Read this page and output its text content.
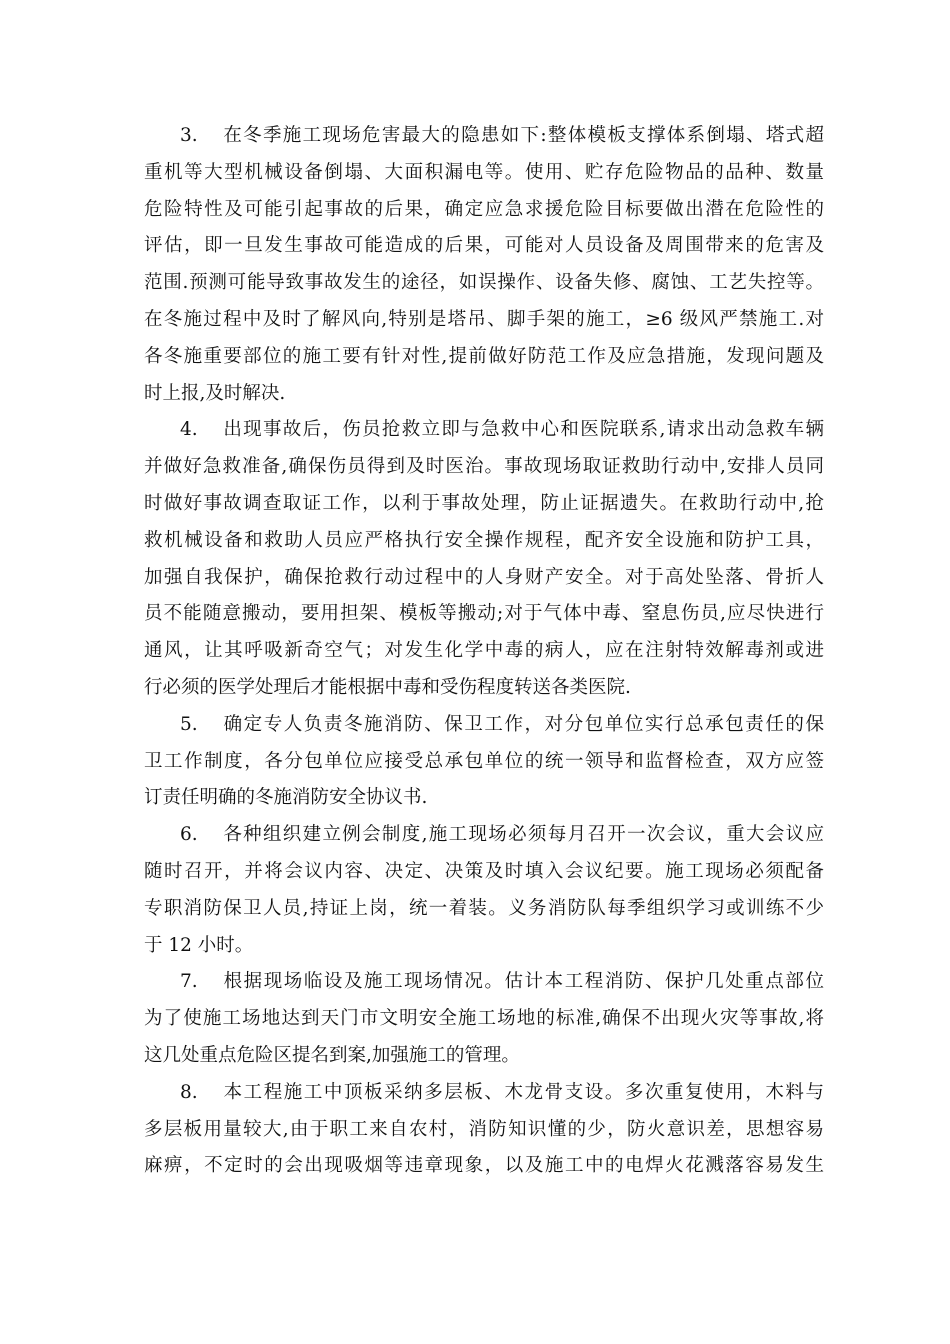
3. 在冬季施工现场危害最大的隐患如下:整体模板支撑体系倒塌、塔式超
重机等大型机械设备倒塌、大面积漏电等。使用、贮存危险物品的品种、数量
危险特性及可能引起事故的后果，确定应急求援危险目标要做出潜在危险性的
评估，即一旦发生事故可能造成的后果，可能对人员设备及周围带来的危害及
范围.预测可能导致事故发生的途径，如误操作、设备失修、腐蚀、工艺失控等。
在冬施过程中及时了解风向,特别是塔吊、脚手架的施工，≥6 级风严禁施工.对
各冬施重要部位的施工要有针对性,提前做好防范工作及应急措施，发现问题及
时上报,及时解决.
4. 出现事故后，伤员抢救立即与急救中心和医院联系,请求出动急救车辆
并做好急救准备,确保伤员得到及时医治。事故现场取证救助行动中,安排人员同
时做好事故调查取证工作，以利于事故处理，防止证据遗失。在救助行动中,抢
救机械设备和救助人员应严格执行安全操作规程，配齐安全设施和防护工具，
加强自我保护，确保抢救行动过程中的人身财产安全。对于高处坠落、骨折人
员不能随意搬动，要用担架、模板等搬动;对于气体中毒、窒息伤员,应尽快进行
通风，让其呼吸新奇空气；对发生化学中毒的病人，应在注射特效解毒剂或进
行必须的医学处理后才能根据中毒和受伤程度转送各类医院.
5. 确定专人负责冬施消防、保卫工作，对分包单位实行总承包责任的保
卫工作制度，各分包单位应接受总承包单位的统一领导和监督检查，双方应签
订责任明确的冬施消防安全协议书.
6. 各种组织建立例会制度,施工现场必须每月召开一次会议，重大会议应
随时召开，并将会议内容、决定、决策及时填入会议纪要。施工现场必须配备
专职消防保卫人员,持证上岗，统一着装。义务消防队每季组织学习或训练不少
于 12 小时。
7. 根据现场临设及施工现场情况。估计本工程消防、保护几处重点部位
为了使施工场地达到天门市文明安全施工场地的标准,确保不出现火灾等事故,将
这几处重点危险区提名到案,加强施工的管理。
8. 本工程施工中顶板采纳多层板、木龙骨支设。多次重复使用，木料与
多层板用量较大,由于职工来自农村，消防知识懂的少，防火意识差，思想容易
麻痹，不定时的会出现吸烟等违章现象，以及施工中的电焊火花溅落容易发生
